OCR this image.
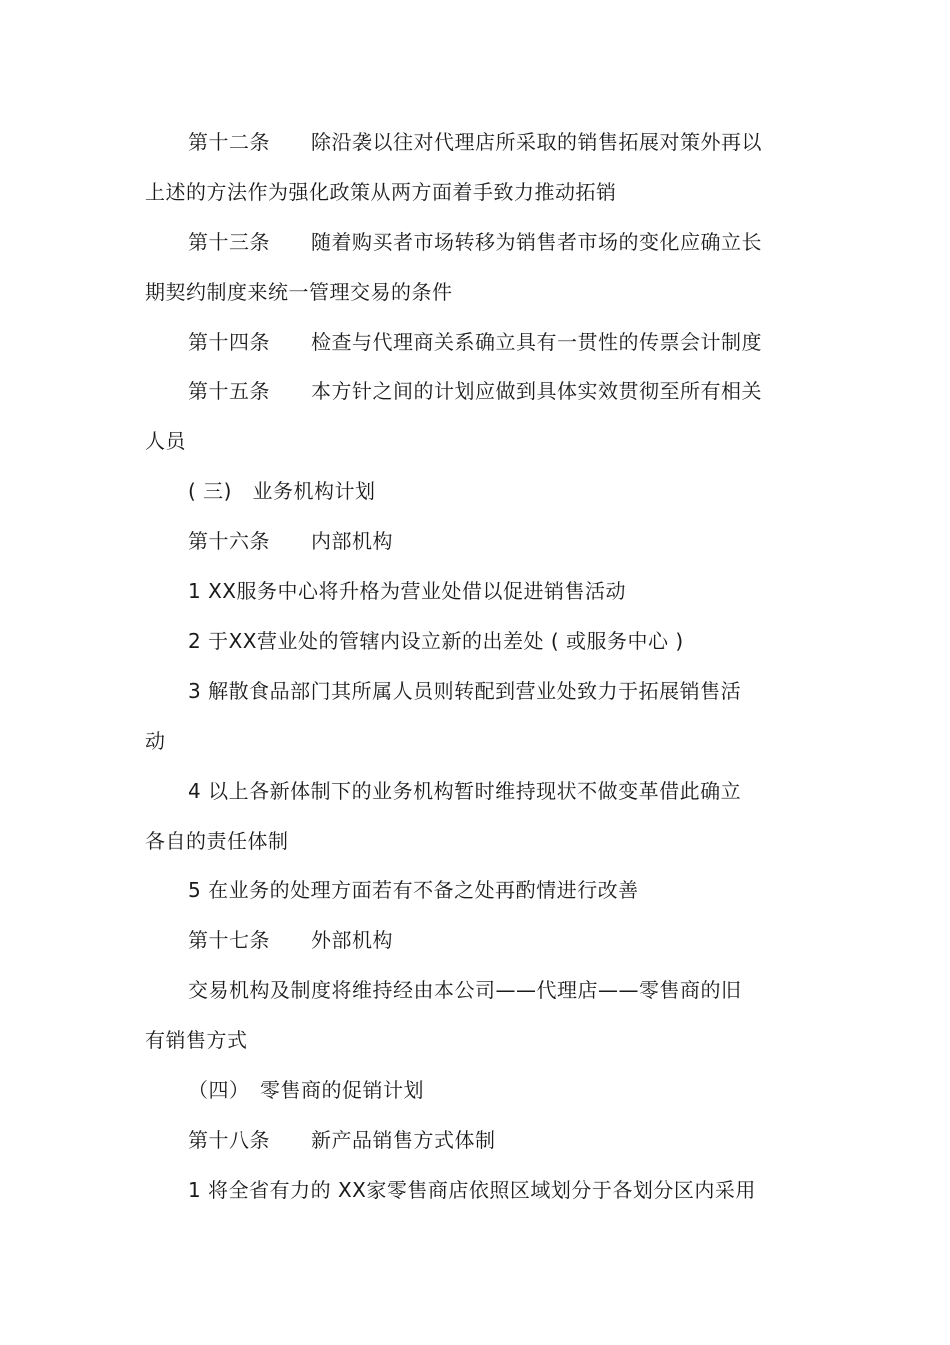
第十二条　　除沿袭以往对代理店所采取的销售拓展对策外再以
上述的方法作为强化政策从两方面着手致力推动拓销
第十三条　　随着购买者市场转移为销售者市场的变化应确立长
期契约制度来统一管理交易的条件
第十四条　　检查与代理商关系确立具有一贯性的传票会计制度
第十五条　　本方针之间的计划应做到具体实效贯彻至所有相关
人员
( 三)　业务机构计划
第十六条　　内部机构
1 XX服务中心将升格为营业处借以促进销售活动
2 于XX营业处的管辖内设立新的出差处 ( 或服务中心 )
3 解散食品部门其所属人员则转配到营业处致力于拓展销售活
动
4 以上各新体制下的业务机构暂时维持现状不做变革借此确立
各自的责任体制
5 在业务的处理方面若有不备之处再酌情进行改善
第十七条　　外部机构
交易机构及制度将维持经由本公司——代理店——零售商的旧
有销售方式
（四）　零售商的促销计划
第十八条　　新产品销售方式体制
1 将全省有力的 XX家零售商店依照区域划分于各划分区内采用
